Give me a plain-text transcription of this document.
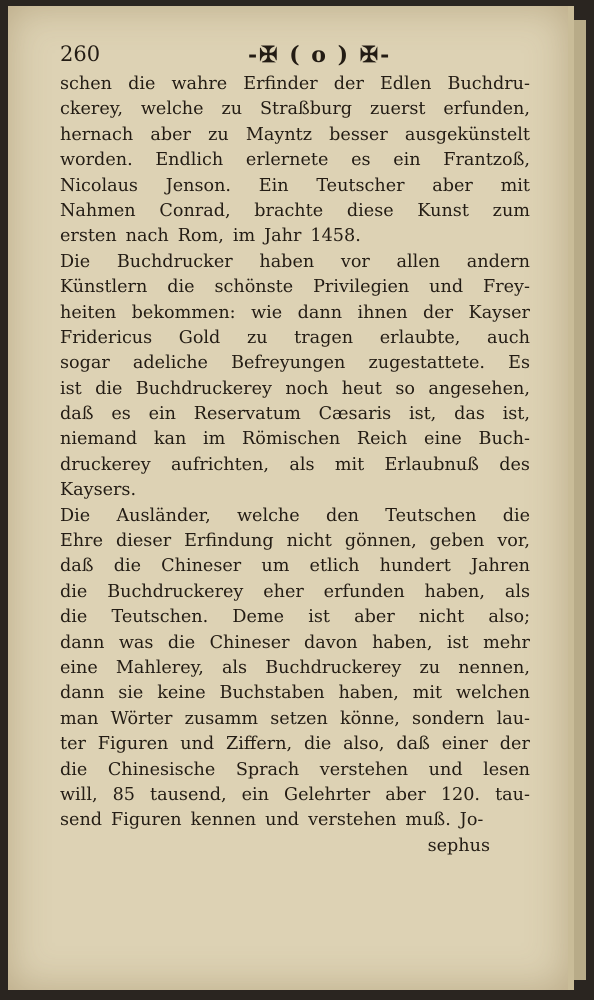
260	-✠ ( o ) ✠-
schen die wahre Erfinder der Edlen Buchdru-
ckerey, welche zu Straßburg zuerst erfunden,
hernach aber zu Mayntz besser ausgekünstelt
worden. Endlich erlernete es ein Frantzoß,
Nicolaus Jenson. Ein Teutscher aber mit
Nahmen Conrad, brachte diese Kunst zum
ersten nach Rom, im Jahr 1458.
Die Buchdrucker haben vor allen andern
Künstlern die schönste Privilegien und Frey-
heiten bekommen: wie dann ihnen der Kayser
Fridericus Gold zu tragen erlaubte, auch
sogar adeliche Befreyungen zugestattete. Es
ist die Buchdruckerey noch heut so angesehen,
daß es ein Reservatum Cæsaris ist, das ist,
niemand kan im Römischen Reich eine Buch-
druckerey aufrichten, als mit Erlaubnuß des
Kaysers.
Die Ausländer, welche den Teutschen die
Ehre dieser Erfindung nicht gönnen, geben vor,
daß die Chineser um etlich hundert Jahren
die Buchdruckerey eher erfunden haben, als
die Teutschen. Deme ist aber nicht also;
dann was die Chineser davon haben, ist mehr
eine Mahlerey, als Buchdruckerey zu nennen,
dann sie keine Buchstaben haben, mit welchen
man Wörter zusamm setzen könne, sondern lau-
ter Figuren und Ziffern, die also, daß einer der
die Chinesische Sprach verstehen und lesen
will, 85 tausend, ein Gelehrter aber 120. tau-
send Figuren kennen und verstehen muß. Jo-
sephus
